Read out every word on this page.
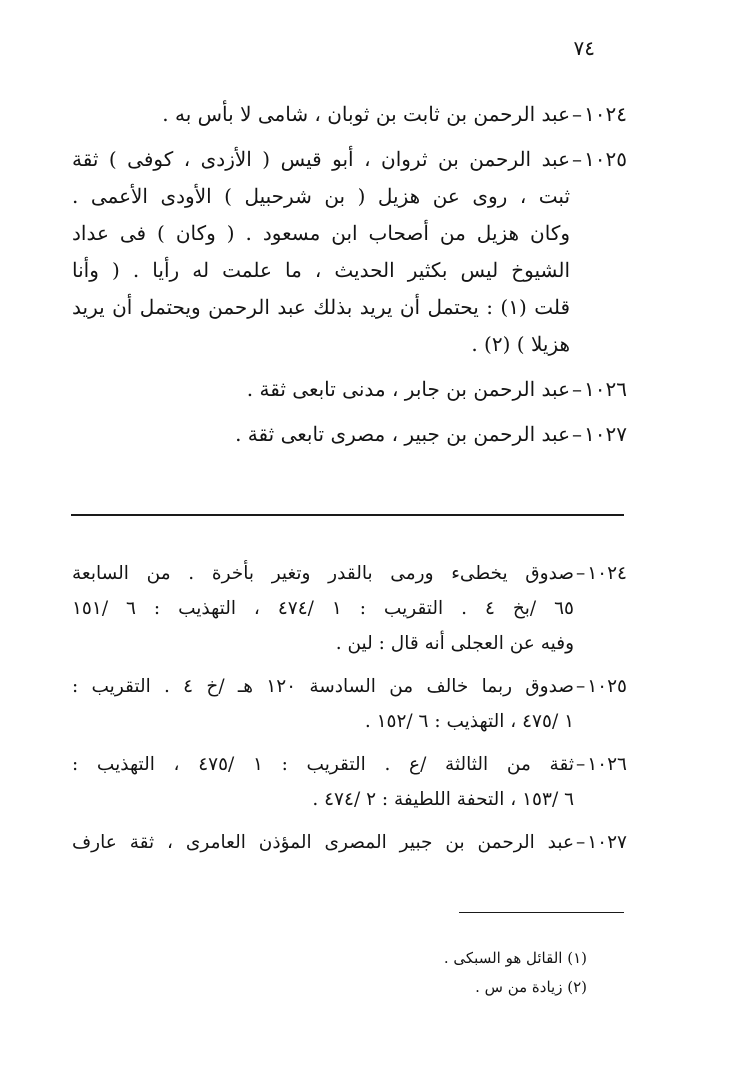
٧٤
١٠٢٤
–

عبد الرحمن بن ثابت بن ثوبان ، شامى لا بأس به .

١٠٢٥
–

عبد الرحمن بن ثروان ، أبو قيس ( الأزدى ، كوفى ) ثقة

ثبت ، روى عن هزيل ( بن شرحبيل ) الأودى الأعمى .

وكان هزيل من أصحاب ابن مسعود . ( وكان ) فى عداد

الشيوخ ليس بكثير الحديث ، ما علمت له رأيا . ( وأنا

قلت (١) : يحتمل أن يريد بذلك عبد الرحمن ويحتمل أن يريد

هزيلا ) (٢) .

١٠٢٦
–

عبد الرحمن بن جابر ، مدنى تابعى ثقة .

١٠٢٧
–

عبد الرحمن بن جبير ، مصرى تابعى ثقة .

١٠٢٤
–

صدوق يخطىء ورمى بالقدر وتغير بأخرة . من السابعة

٦٥ /بخ ٤ . التقريب : ١ /٤٧٤ ، التهذيب : ٦ /١٥١

وفيه عن العجلى أنه قال : لين .

١٠٢٥
–

صدوق ربما خالف من السادسة ١٢٠ هـ /خ ٤ . التقريب :

١ /٤٧٥ ، التهذيب : ٦ /١٥٢ .

١٠٢٦
–

ثقة من الثالثة /ع . التقريب : ١ /٤٧٥ ، التهذيب :

٦ /١٥٣ ، التحفة اللطيفة : ٢ /٤٧٤ .

١٠٢٧
–

عبد الرحمن بن جبير المصرى المؤذن العامرى ، ثقة عارف

(١) القائل هو السبكى .

(٢) زيادة من س .
